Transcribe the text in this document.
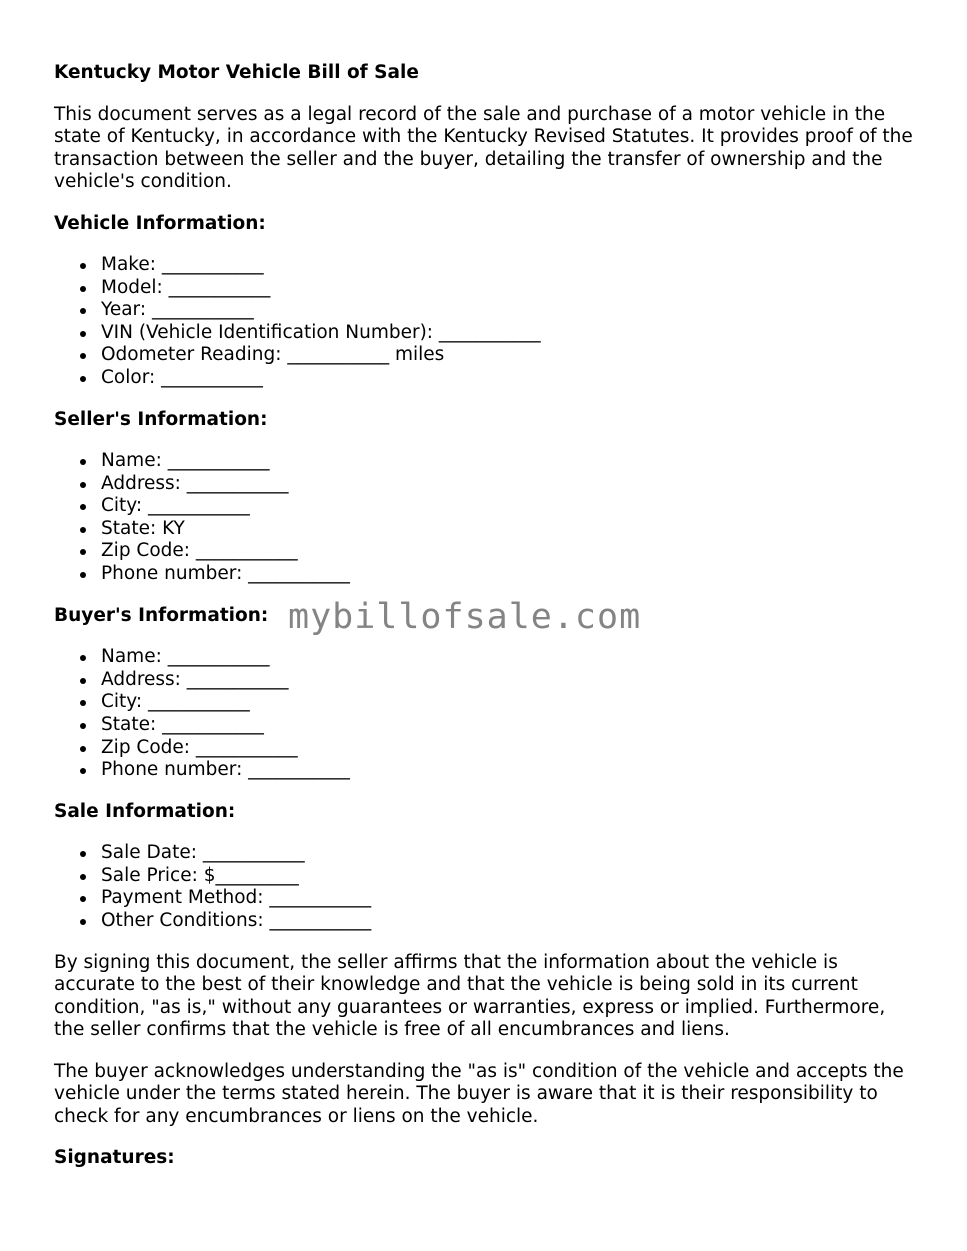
Kentucky Motor Vehicle Bill of Sale

This document serves as a legal record of the sale and purchase of a motor vehicle in the state of Kentucky, in accordance with the Kentucky Revised Statutes. It provides proof of the transaction between the seller and the buyer, detailing the transfer of ownership and the vehicle's condition.

Vehicle Information:
Make: ___________
Model: ___________
Year: ___________
VIN (Vehicle Identification Number): ___________
Odometer Reading: ___________ miles
Color: ___________
Seller's Information:
Name: ___________
Address: ___________
City: ___________
State: KY
Zip Code: ___________
Phone number: ___________
Buyer's Information:
Name: ___________
Address: ___________
City: ___________
State: ___________
Zip Code: ___________
Phone number: ___________
Sale Information:
Sale Date: ___________
Sale Price: $_________
Payment Method: ___________
Other Conditions: ___________

By signing this document, the seller affirms that the information about the vehicle is accurate to the best of their knowledge and that the vehicle is being sold in its current condition, "as is," without any guarantees or warranties, express or implied. Furthermore, the seller confirms that the vehicle is free of all encumbrances and liens.

The buyer acknowledges understanding the "as is" condition of the vehicle and accepts the vehicle under the terms stated herein. The buyer is aware that it is their responsibility to check for any encumbrances or liens on the vehicle.

Signatures:
mybillofsale.com
